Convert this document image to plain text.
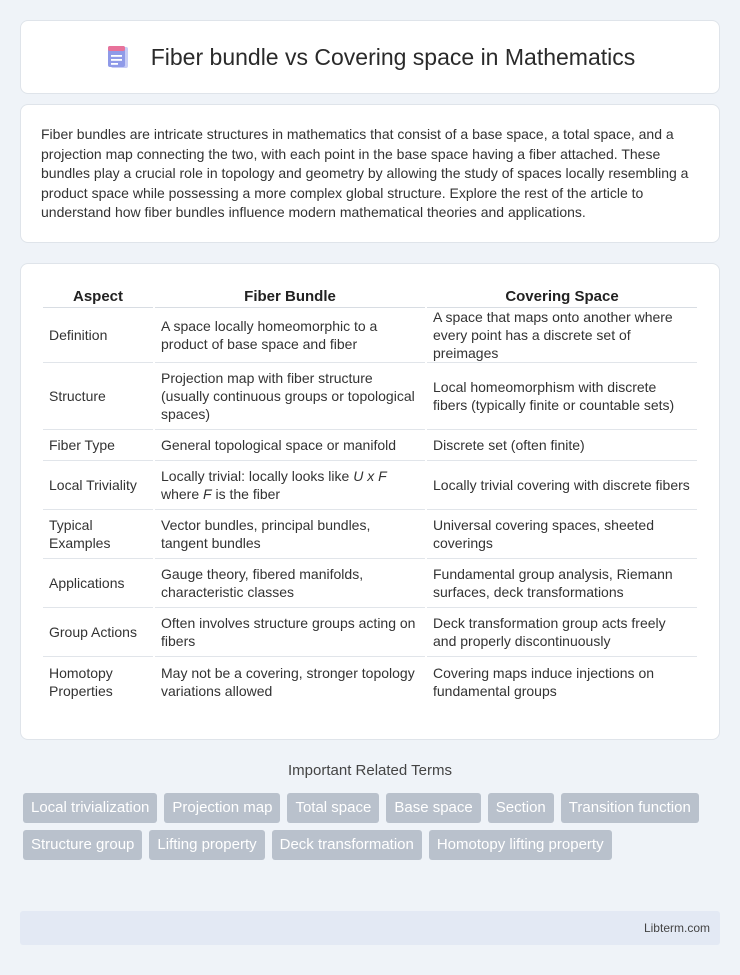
Fiber bundle vs Covering space in Mathematics

Fiber bundles are intricate structures in mathematics that consist of a base space, a total space, and a projection map connecting the two, with each point in the base space having a fiber attached. These bundles play a crucial role in topology and geometry by allowing the study of spaces locally resembling a product space while possessing a more complex global structure. Explore the rest of the article to understand how fiber bundles influence modern mathematical theories and applications.

Aspect	Fiber Bundle	Covering Space
Definition	A space locally homeomorphic to a product of base space and fiber	A space that maps onto another where every point has a discrete set of preimages
Structure	Projection map with fiber structure (usually continuous groups or topological spaces)	Local homeomorphism with discrete fibers (typically finite or countable sets)
Fiber Type	General topological space or manifold	Discrete set (often finite)
Local Triviality	Locally trivial: locally looks like U x F where F is the fiber	Locally trivial covering with discrete fibers
Typical Examples	Vector bundles, principal bundles, tangent bundles	Universal covering spaces, sheeted coverings
Applications	Gauge theory, fibered manifolds, characteristic classes	Fundamental group analysis, Riemann surfaces, deck transformations
Group Actions	Often involves structure groups acting on fibers	Deck transformation group acts freely and properly discontinuously
Homotopy Properties	May not be a covering, stronger topology variations allowed	Covering maps induce injections on fundamental groups
Important Related Terms
Local trivialization	Projection map	Total space	Base space	Section	Transition function
Structure group	Lifting property	Deck transformation	Homotopy lifting property
Libterm.com
